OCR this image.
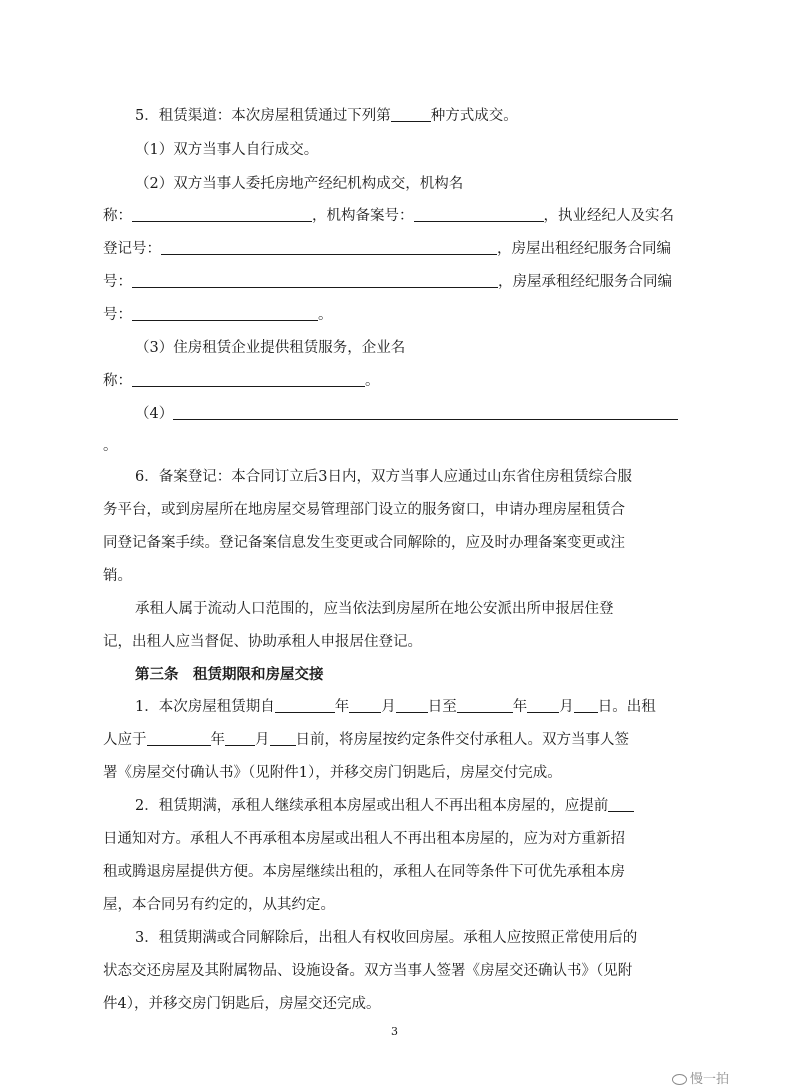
5．租赁渠道：本次房屋租赁通过下列第	种方式成交。
（1）双方当事人自行成交。
（2）双方当事人委托房地产经纪机构成交，机构名
称：	，机构备案号：	，执业经纪人及实名
登记号：	，房屋出租经纪服务合同编
号：	，房屋承租经纪服务合同编
号：	。
（3）住房租赁企业提供租赁服务，企业名
称：	。
（4）
。
6．备案登记：本合同订立后3日内，双方当事人应通过山东省住房租赁综合服
务平台，或到房屋所在地房屋交易管理部门设立的服务窗口，申请办理房屋租赁合
同登记备案手续。登记备案信息发生变更或合同解除的，应及时办理备案变更或注
销。
承租人属于流动人口范围的，应当依法到房屋所在地公安派出所申报居住登
记，出租人应当督促、协助承租人申报居住登记。
第三条　租赁期限和房屋交接
1．本次房屋租赁期自	年 月 日至	年 月 日。出租
人应于	年 月 日前，将房屋按约定条件交付承租人。双方当事人签
署《房屋交付确认书》（见附件1），并移交房门钥匙后，房屋交付完成。
2．租赁期满，承租人继续承租本房屋或出租人不再出租本房屋的，应提前
日通知对方。承租人不再承租本房屋或出租人不再出租本房屋的，应为对方重新招
租或腾退房屋提供方便。本房屋继续出租的，承租人在同等条件下可优先承租本房
屋，本合同另有约定的，从其约定。
3．租赁期满或合同解除后，出租人有权收回房屋。承租人应按照正常使用后的
状态交还房屋及其附属物品、设施设备。双方当事人签署《房屋交还确认书》（见附
件4），并移交房门钥匙后，房屋交还完成。
3
慢一拍
